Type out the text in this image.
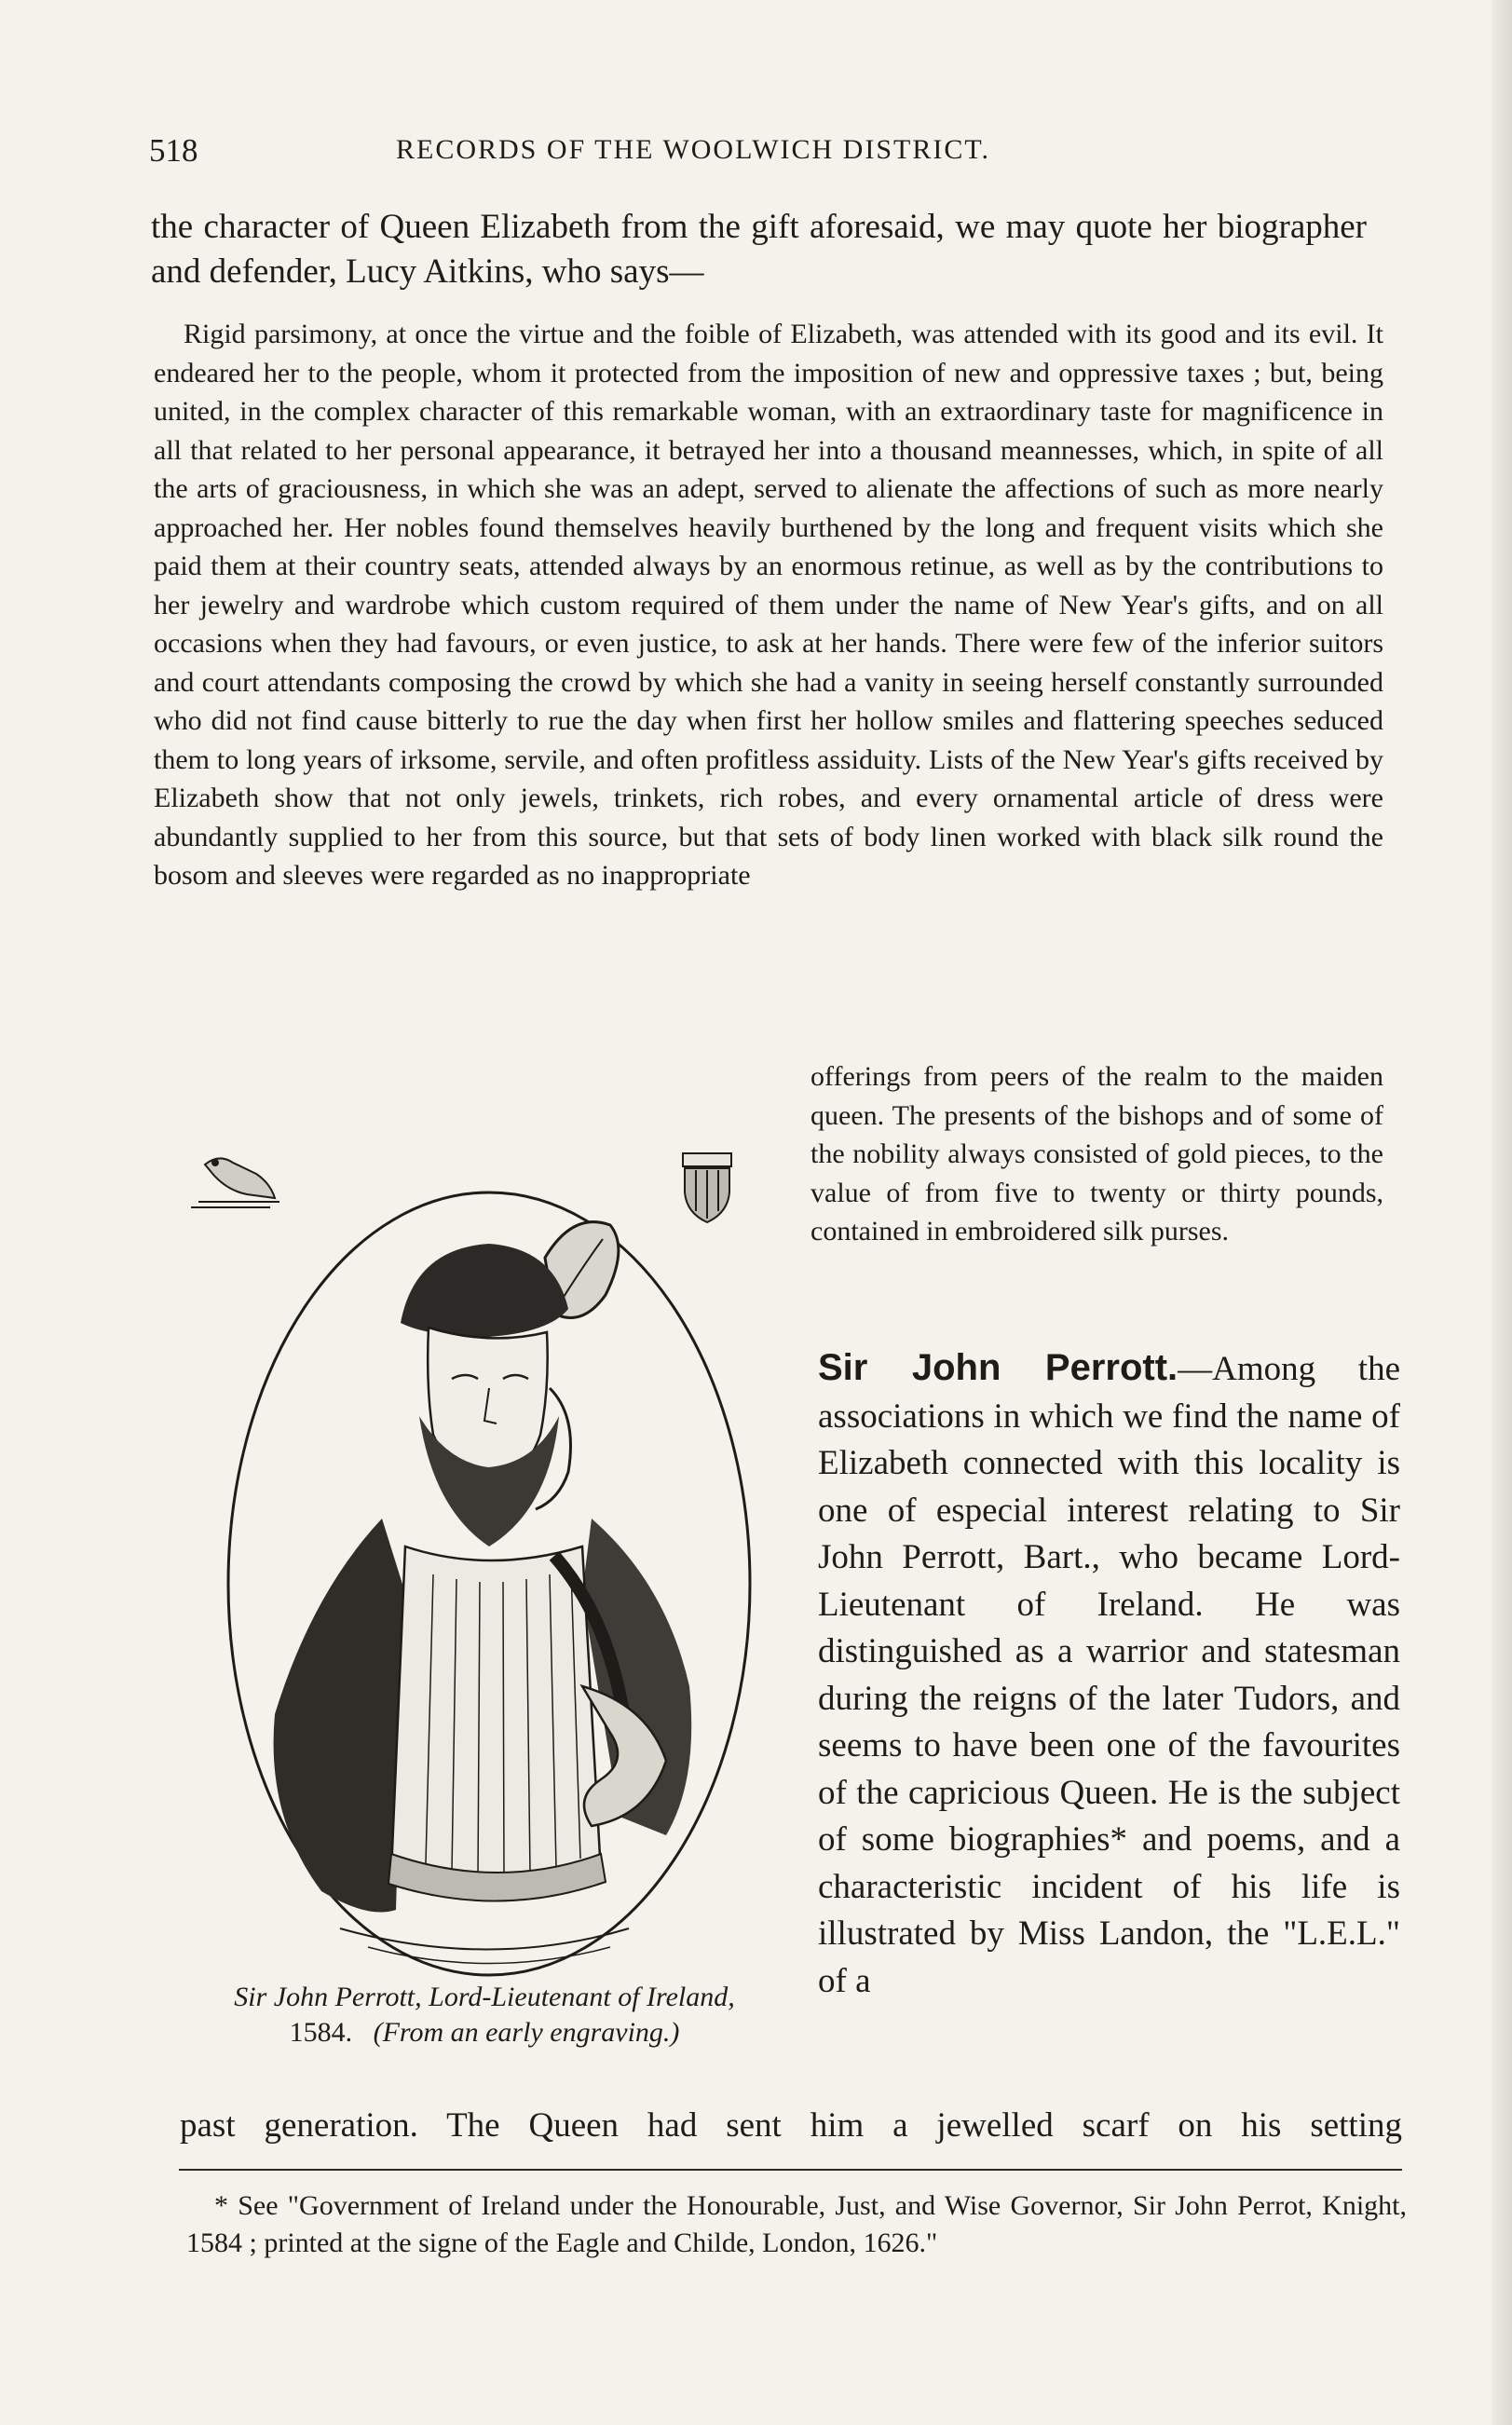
518	RECORDS OF THE WOOLWICH DISTRICT.
the character of Queen Elizabeth from the gift aforesaid, we may quote her biographer and defender, Lucy Aitkins, who says—
Rigid parsimony, at once the virtue and the foible of Elizabeth, was attended with its good and its evil. It endeared her to the people, whom it protected from the imposition of new and oppressive taxes ; but, being united, in the complex character of this remarkable woman, with an extraordinary taste for magnificence in all that related to her personal appearance, it betrayed her into a thousand meannesses, which, in spite of all the arts of graciousness, in which she was an adept, served to alienate the affections of such as more nearly approached her. Her nobles found themselves heavily burthened by the long and frequent visits which she paid them at their country seats, attended always by an enormous retinue, as well as by the contributions to her jewelry and wardrobe which custom required of them under the name of New Year's gifts, and on all occasions when they had favours, or even justice, to ask at her hands. There were few of the inferior suitors and court attendants composing the crowd by which she had a vanity in seeing herself constantly surrounded who did not find cause bitterly to rue the day when first her hollow smiles and flattering speeches seduced them to long years of irksome, servile, and often profitless assiduity. Lists of the New Year's gifts received by Elizabeth show that not only jewels, trinkets, rich robes, and every ornamental article of dress were abundantly supplied to her from this source, but that sets of body linen worked with black silk round the bosom and sleeves were regarded as no inappropriate
offerings from peers of the realm to the maiden queen. The presents of the bishops and of some of the nobility always consisted of gold pieces, to the value of from five to twenty or thirty pounds, contained in embroidered silk purses.
Sir John Perrott, Lord-Lieutenant of Ireland,
1584. (From an early engraving.)
Sir John Perrott.—Among the associations in which we find the name of Elizabeth connected with this locality is one of especial interest relating to Sir John Perrott, Bart., who became Lord-Lieutenant of Ireland. He was distinguished as a warrior and statesman during the reigns of the later Tudors, and seems to have been one of the favourites of the capricious Queen. He is the subject of some biographies* and poems, and a characteristic incident of his life is illustrated by Miss Landon, the "L.E.L." of a
past generation. The Queen had sent him a jewelled scarf on his setting
* See "Government of Ireland under the Honourable, Just, and Wise Governor, Sir John Perrot, Knight, 1584 ; printed at the signe of the Eagle and Childe, London, 1626."
